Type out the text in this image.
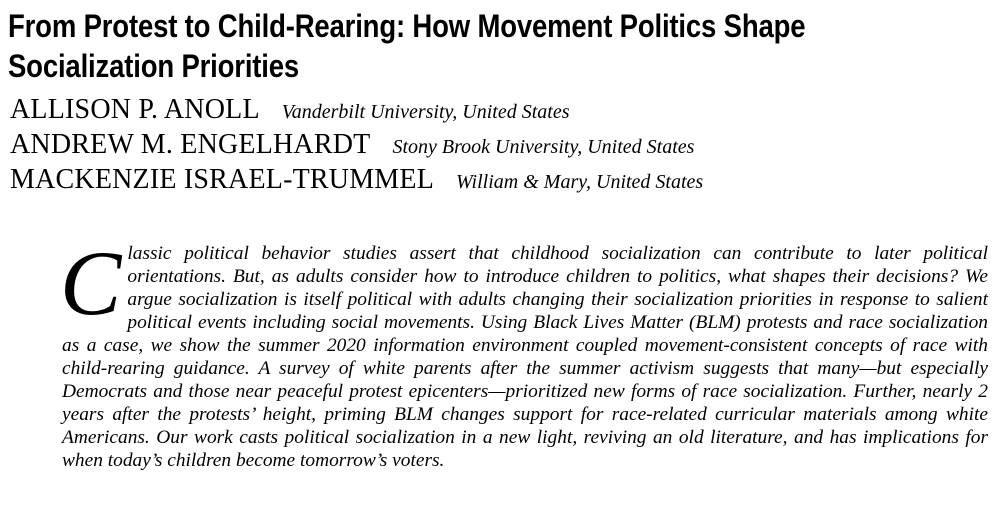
From Protest to Child-Rearing: How Movement Politics Shape
Socialization Priorities
ALLISON P. ANOLL Vanderbilt University, United States
ANDREW M. ENGELHARDT Stony Brook University, United States
MACKENZIE ISRAEL-TRUMMEL William & Mary, United States
Classic political behavior studies assert that childhood socialization can contribute to later political orientations. But, as adults consider how to introduce children to politics, what shapes their decisions? We argue socialization is itself political with adults changing their socialization priorities in response to salient political events including social movements. Using Black Lives Matter (BLM) protests and race socialization as a case, we show the summer 2020 information environment coupled movement-consistent concepts of race with child-rearing guidance. A survey of white parents after the summer activism suggests that many—but especially Democrats and those near peaceful protest epicenters—prioritized new forms of race socialization. Further, nearly 2 years after the protests’ height, priming BLM changes support for race-related curricular materials among white Americans. Our work casts political socialization in a new light, reviving an old literature, and has implications for when today’s children become tomorrow’s voters.
